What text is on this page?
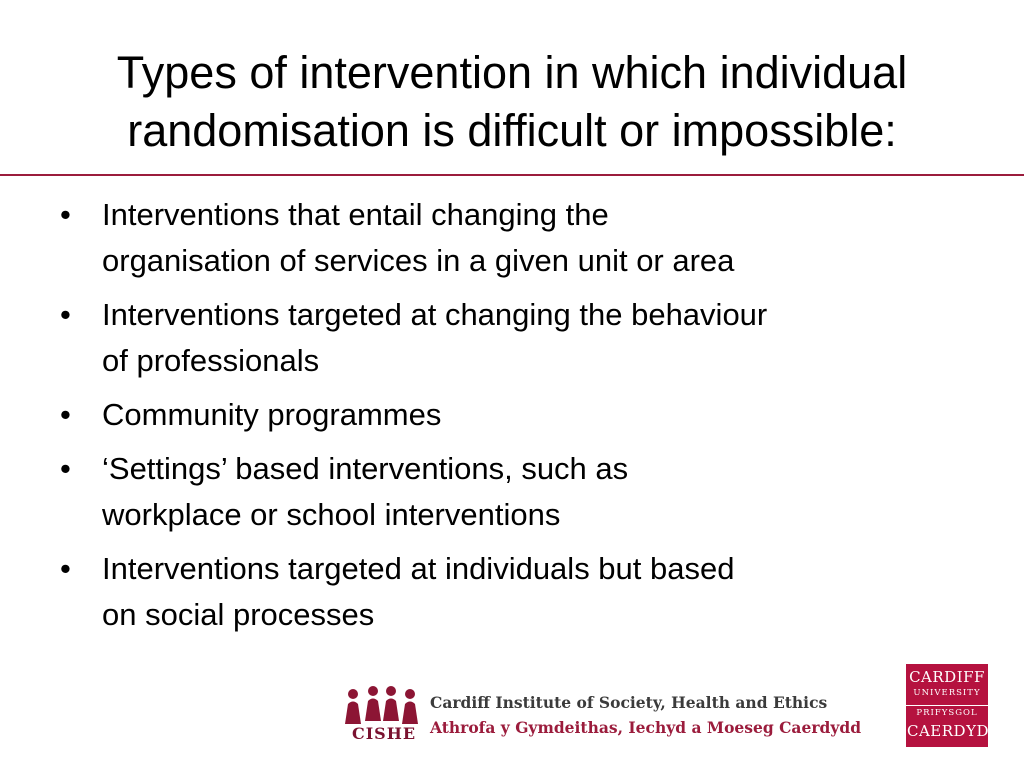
Types of intervention in which individual
randomisation is difficult or impossible:
•	Interventions that entail changing the
organisation of services in a given unit or area
•	Interventions targeted at changing the behaviour
of professionals
•	Community programmes
•	‘Settings’ based interventions, such as
workplace or school interventions
•	Interventions targeted at individuals but based
on social processes
CISHE
Cardiff Institute of Society, Health and Ethics
Athrofa y Gymdeithas, Iechyd a Moeseg Caerdydd
CARDIFF
UNIVERSITY
PRIFYSGOL
CAERDYDD
